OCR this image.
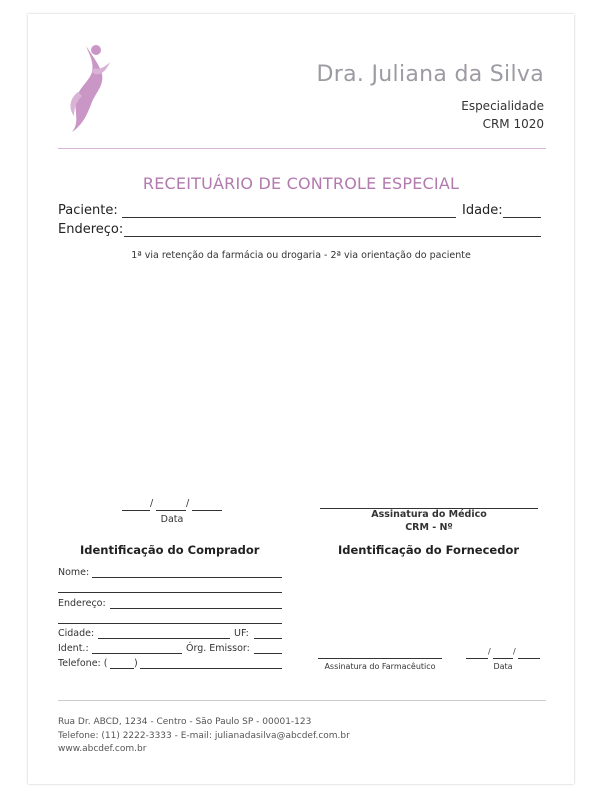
Dra. Juliana da Silva
Especialidade
CRM 1020
RECEITUÁRIO DE CONTROLE ESPECIAL
Paciente:	Idade:
Endereço:
1ª via retenção da farmácia ou drogaria - 2ª via orientação do paciente
/	/
Data	Assinatura do Médico
CRM - Nº
Identificação do Comprador
Nome:
Endereço:
Cidade:	UF:
Ident.:	Órg. Emissor:
Telefone: (	)
Identificação do Fornecedor
Assinatura do Farmacêutico
/	/
Data
Rua Dr. ABCD, 1234 - Centro - São Paulo SP - 00001-123
Telefone: (11) 2222-3333 - E-mail: julianadasilva@abcdef.com.br
www.abcdef.com.br
